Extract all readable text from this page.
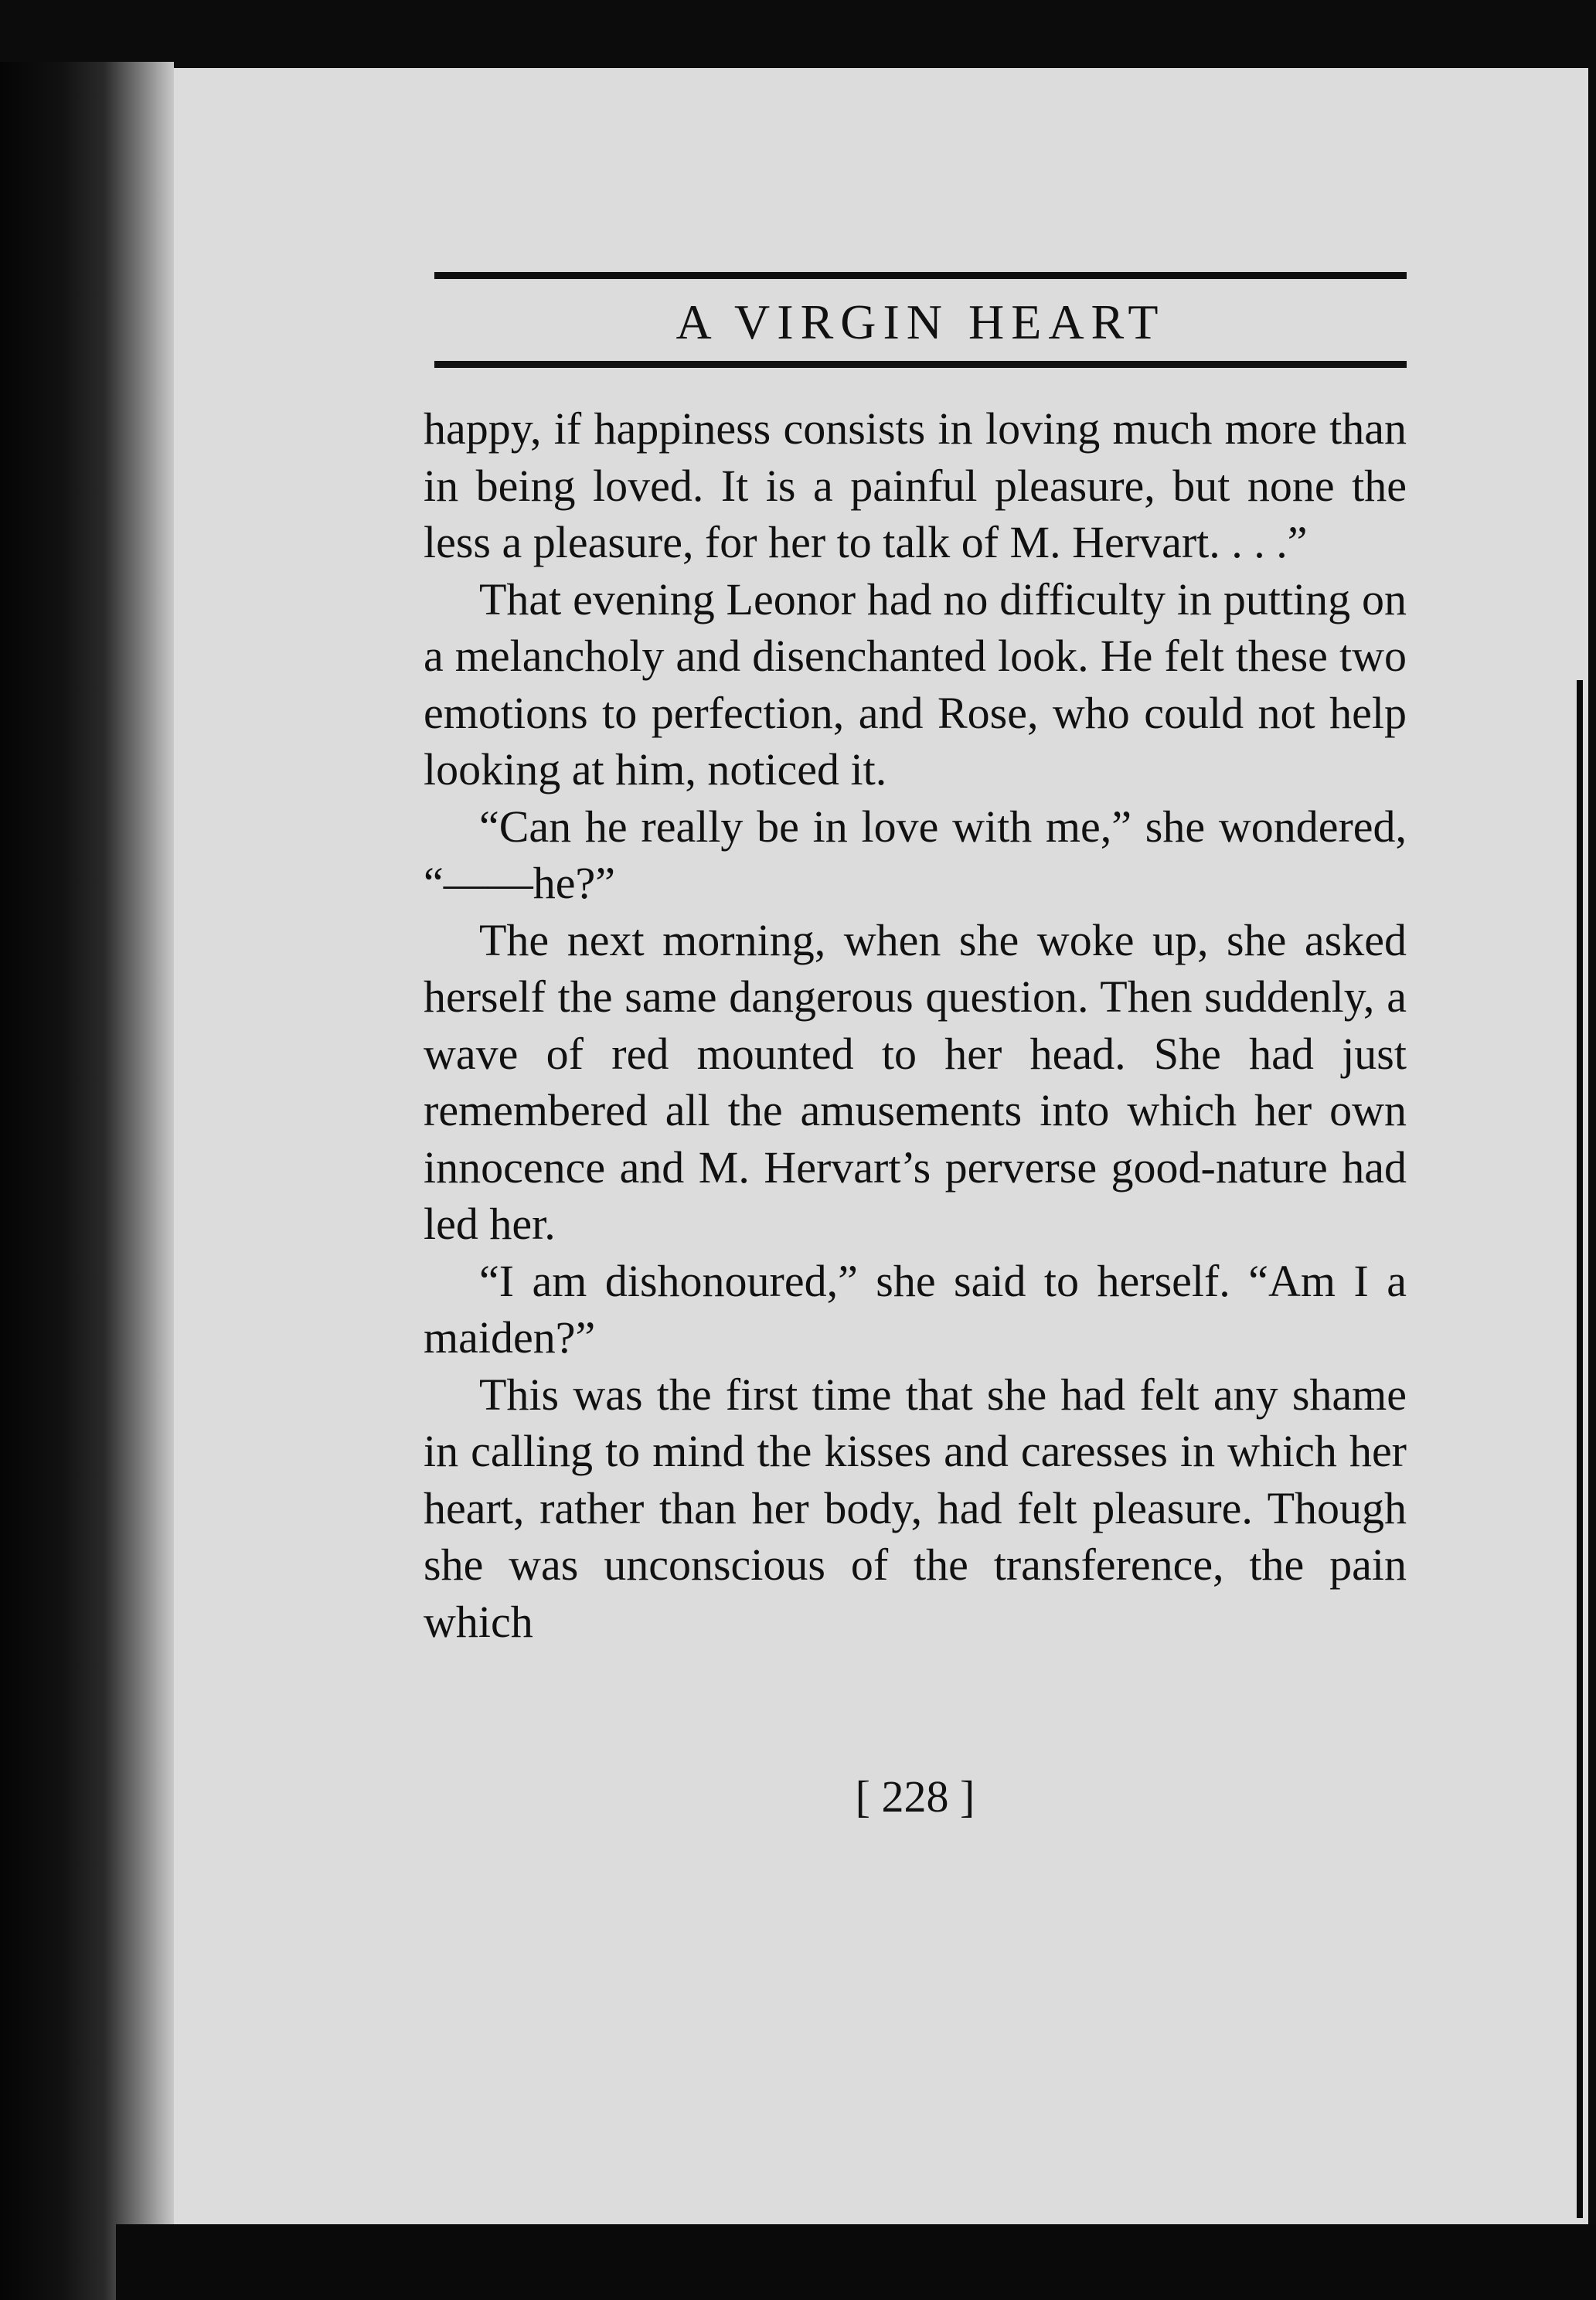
A VIRGIN HEART

happy, if happiness consists in loving much more than in being loved. It is a painful pleasure, but none the less a pleasure, for her to talk of M. Hervart. . . .”

That evening Leonor had no difficulty in putting on a melancholy and disenchanted look. He felt these two emotions to perfection, and Rose, who could not help looking at him, noticed it.

“Can he really be in love with me,” she wondered, “——he?”

The next morning, when she woke up, she asked herself the same dangerous question. Then suddenly, a wave of red mounted to her head. She had just remembered all the amusements into which her own innocence and M. Hervart’s perverse good-nature had led her.

“I am dishonoured,” she said to herself. “Am I a maiden?”

This was the first time that she had felt any shame in calling to mind the kisses and caresses in which her heart, rather than her body, had felt pleasure. Though she was unconscious of the transference, the pain which

[ 228 ]
